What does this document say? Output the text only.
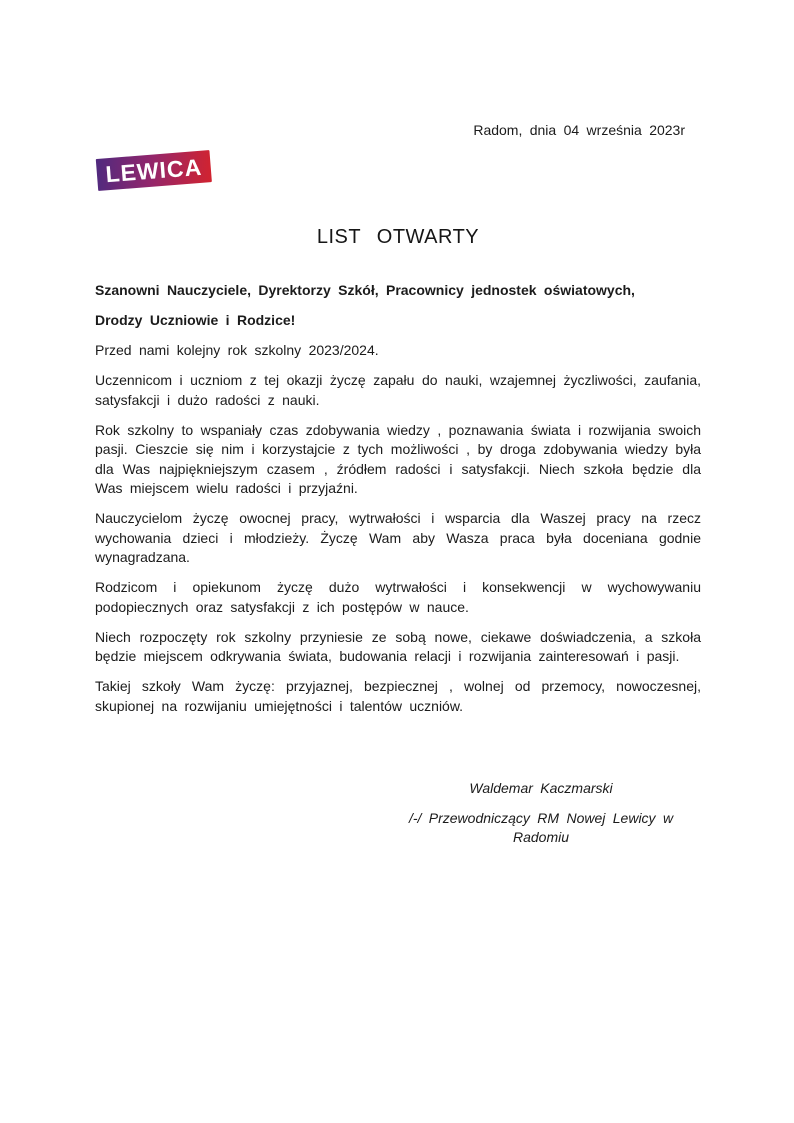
Radom, dnia 04 września 2023r

LEWICA
LIST OTWARTY

Szanowni Nauczyciele, Dyrektorzy Szkół, Pracownicy jednostek oświatowych,

Drodzy Uczniowie i Rodzice!

Przed nami kolejny rok szkolny 2023/2024.

Uczennicom i uczniom z tej okazji życzę zapału do nauki, wzajemnej życzliwości, zaufania, satysfakcji i dużo radości z nauki.

Rok szkolny to wspaniały czas zdobywania wiedzy , poznawania świata i rozwijania swoich pasji. Cieszcie się nim i korzystajcie z tych możliwości , by droga zdobywania wiedzy była dla Was najpiękniejszym czasem , źródłem radości i satysfakcji. Niech szkoła będzie dla Was miejscem wielu radości i przyjaźni.

Nauczycielom życzę owocnej pracy, wytrwałości i wsparcia dla Waszej pracy na rzecz wychowania dzieci i młodzieży. Życzę Wam aby Wasza praca była doceniana godnie wynagradzana.

Rodzicom i opiekunom życzę dużo wytrwałości i konsekwencji w wychowywaniu podopiecznych oraz satysfakcji z ich postępów w nauce.

Niech rozpoczęty rok szkolny przyniesie ze sobą nowe, ciekawe doświadczenia, a szkoła będzie miejscem odkrywania świata, budowania relacji i rozwijania zainteresowań i pasji.

Takiej szkoły Wam życzę: przyjaznej, bezpiecznej , wolnej od przemocy, nowoczesnej, skupionej na rozwijaniu umiejętności i talentów uczniów.

Waldemar Kaczmarski

/-/ Przewodniczący RM Nowej Lewicy w Radomiu
